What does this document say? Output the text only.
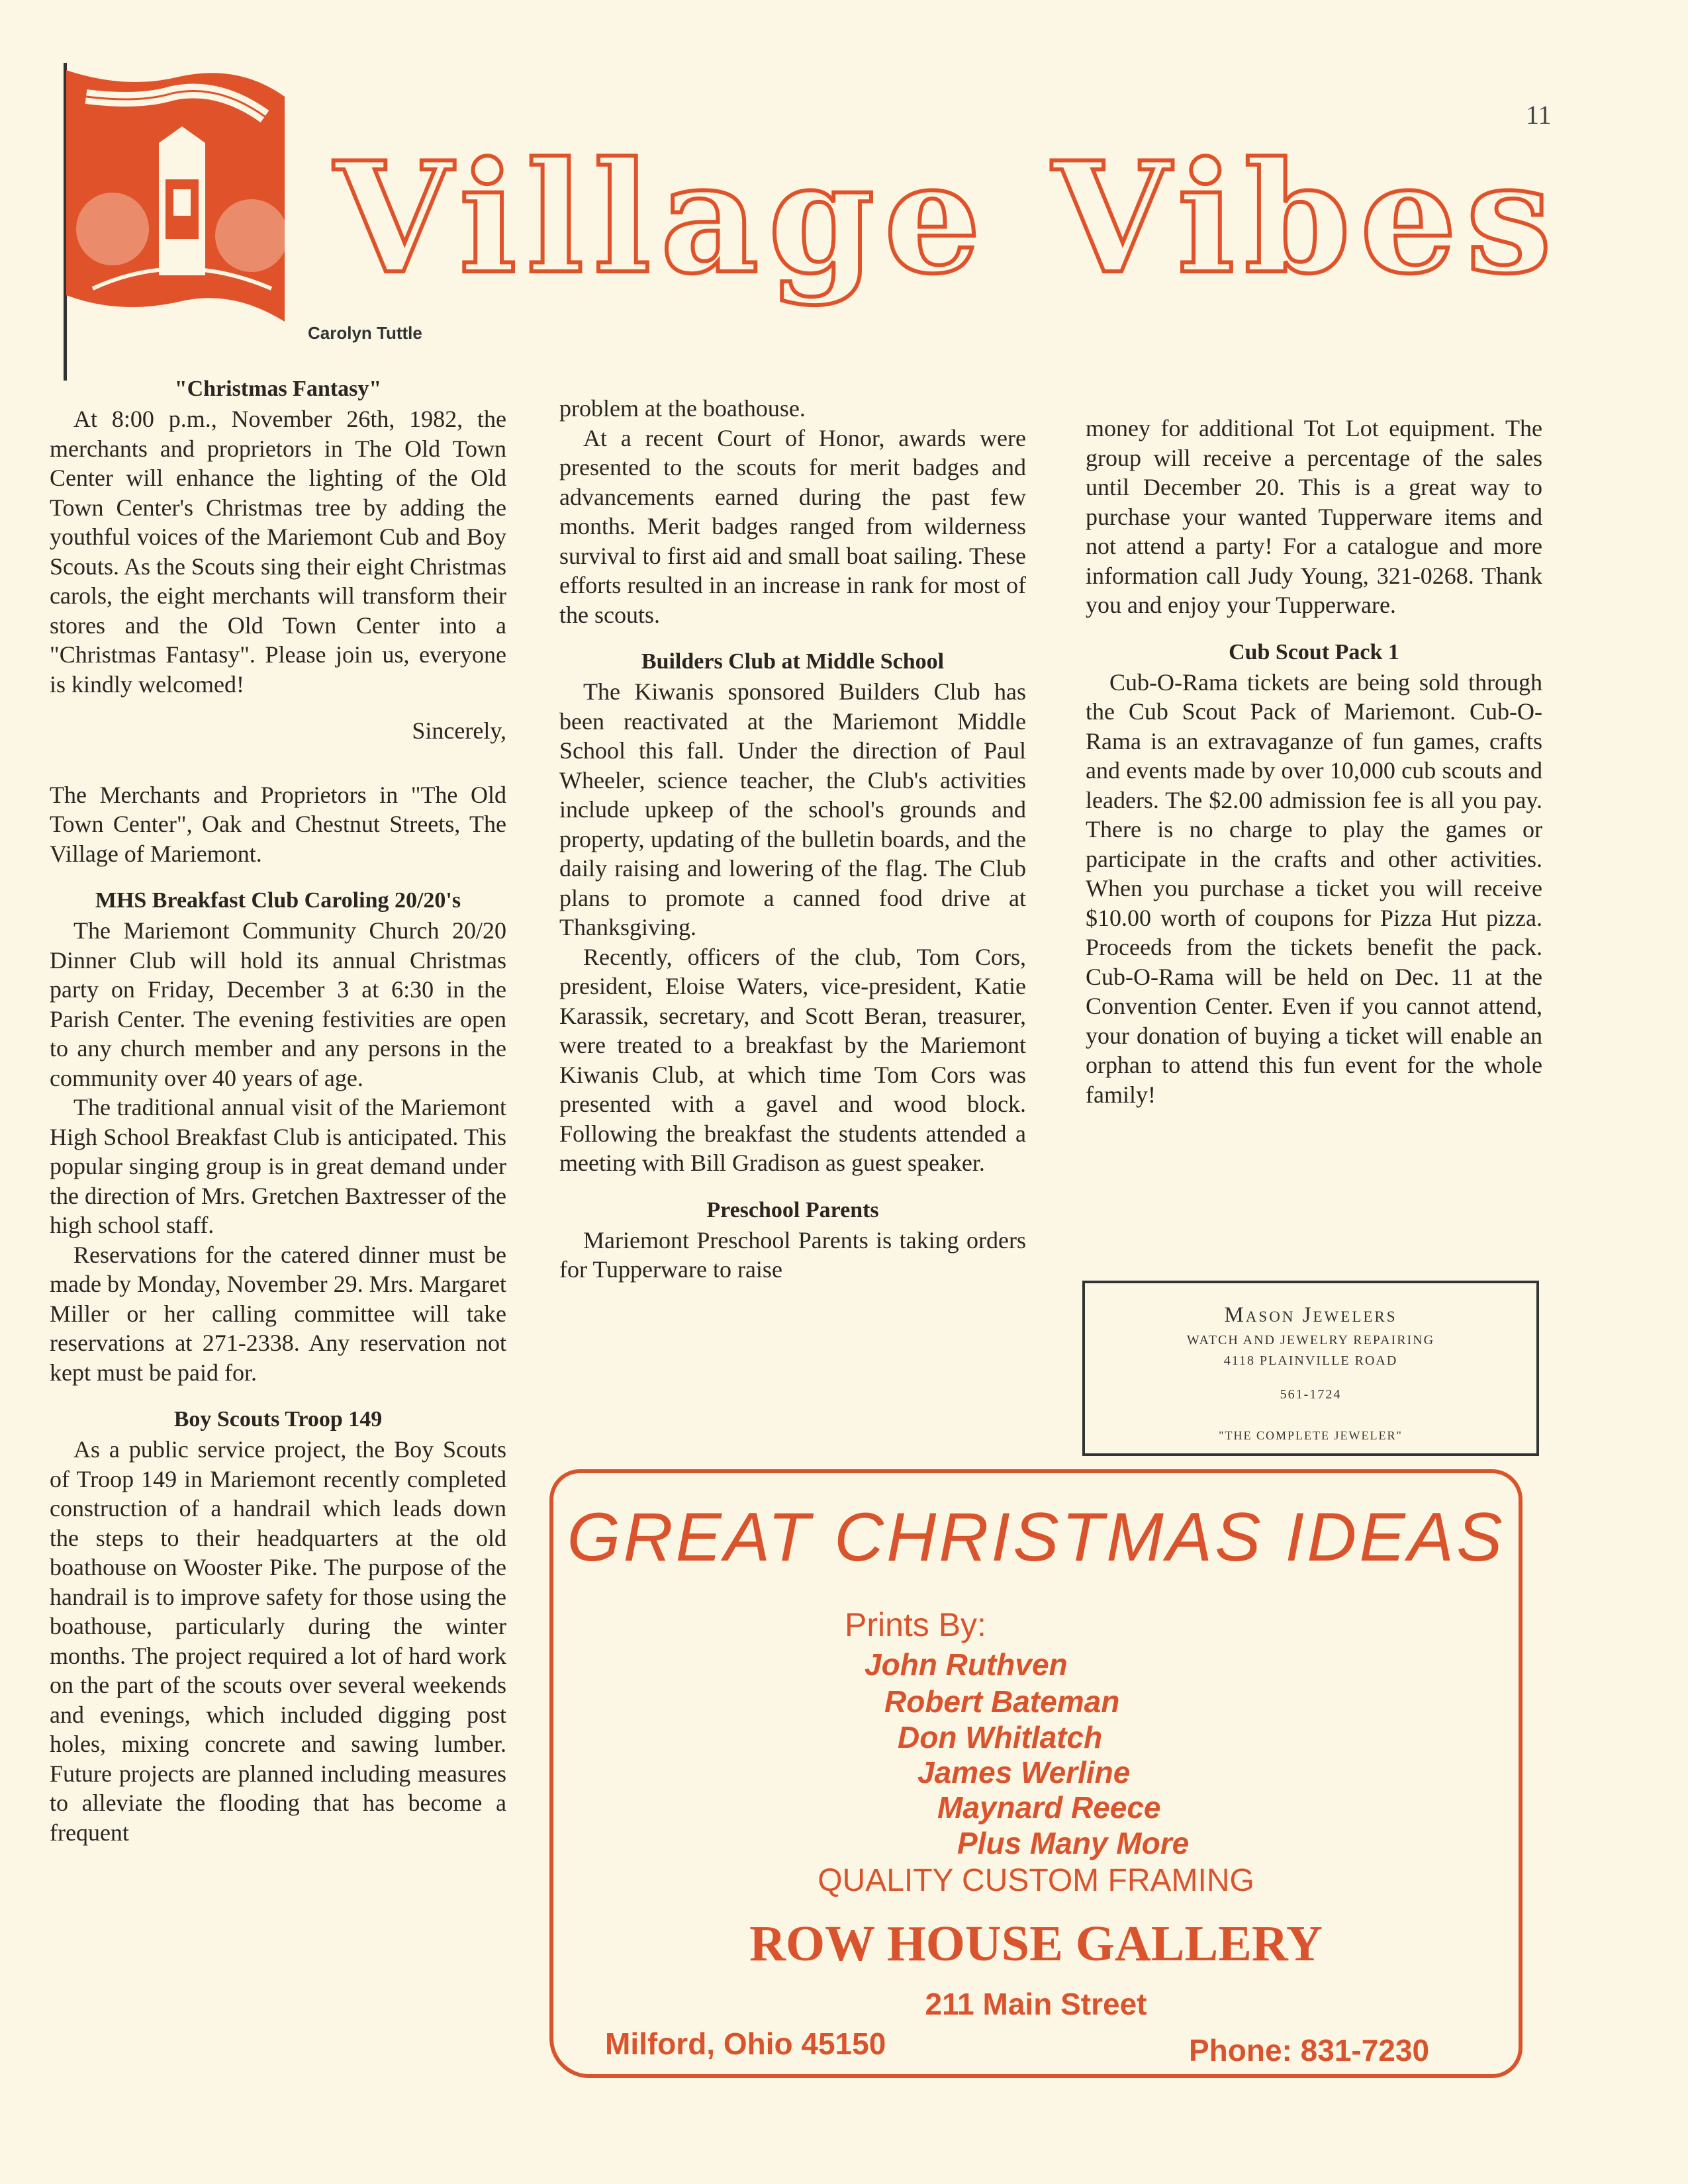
11
Village Vibes
Carolyn Tuttle
"Christmas Fantasy"

At 8:00 p.m., November 26th, 1982, the merchants and proprietors in The Old Town Center will enhance the lighting of the Old Town Center's Christmas tree by adding the youthful voices of the Mariemont Cub and Boy Scouts. As the Scouts sing their eight Christmas carols, the eight merchants will transform their stores and the Old Town Center into a "Christmas Fantasy". Please join us, everyone is kindly welcomed!

Sincerely,

The Merchants and Proprietors in "The Old Town Center", Oak and Chestnut Streets, The Village of Mariemont.

MHS Breakfast Club Caroling 20/20's

The Mariemont Community Church 20/20 Dinner Club will hold its annual Christmas party on Friday, December 3 at 6:30 in the Parish Center. The evening festivities are open to any church member and any persons in the community over 40 years of age.

The traditional annual visit of the Mariemont High School Breakfast Club is anticipated. This popular singing group is in great demand under the direction of Mrs. Gretchen Baxtresser of the high school staff.

Reservations for the catered dinner must be made by Monday, November 29. Mrs. Margaret Miller or her calling committee will take reservations at 271-2338. Any reservation not kept must be paid for.

Boy Scouts Troop 149

As a public service project, the Boy Scouts of Troop 149 in Mariemont recently completed construction of a handrail which leads down the steps to their headquarters at the old boathouse on Wooster Pike. The purpose of the handrail is to improve safety for those using the boathouse, particularly during the winter months. The project required a lot of hard work on the part of the scouts over several weekends and evenings, which included digging post holes, mixing concrete and sawing lumber. Future projects are planned including measures to alleviate the flooding that has become a frequent

problem at the boathouse.

At a recent Court of Honor, awards were presented to the scouts for merit badges and advancements earned during the past few months. Merit badges ranged from wilderness survival to first aid and small boat sailing. These efforts resulted in an increase in rank for most of the scouts.

Builders Club at Middle School

The Kiwanis sponsored Builders Club has been reactivated at the Mariemont Middle School this fall. Under the direction of Paul Wheeler, science teacher, the Club's activities include upkeep of the school's grounds and property, updating of the bulletin boards, and the daily raising and lowering of the flag. The Club plans to promote a canned food drive at Thanksgiving.

Recently, officers of the club, Tom Cors, president, Eloise Waters, vice-president, Katie Karassik, secretary, and Scott Beran, treasurer, were treated to a breakfast by the Mariemont Kiwanis Club, at which time Tom Cors was presented with a gavel and wood block. Following the breakfast the students attended a meeting with Bill Gradison as guest speaker.

Preschool Parents

Mariemont Preschool Parents is taking orders for Tupperware to raise

money for additional Tot Lot equipment. The group will receive a percentage of the sales until December 20. This is a great way to purchase your wanted Tupperware items and not attend a party! For a catalogue and more information call Judy Young, 321-0268. Thank you and enjoy your Tupperware.

Cub Scout Pack 1

Cub-O-Rama tickets are being sold through the Cub Scout Pack of Mariemont. Cub-O-Rama is an extravaganze of fun games, crafts and events made by over 10,000 cub scouts and leaders. The $2.00 admission fee is all you pay. There is no charge to play the games or participate in the crafts and other activities. When you purchase a ticket you will receive $10.00 worth of coupons for Pizza Hut pizza. Proceeds from the tickets benefit the pack. Cub-O-Rama will be held on Dec. 11 at the Convention Center. Even if you cannot attend, your donation of buying a ticket will enable an orphan to attend this fun event for the whole family!

Mason Jewelers
WATCH AND JEWELRY REPAIRING
4118 PLAINVILLE ROAD
561-1724
"THE COMPLETE JEWELER"
GREAT CHRISTMAS IDEAS
Prints By:
John Ruthven
Robert Bateman
Don Whitlatch
James Werline
Maynard Reece
Plus Many More
QUALITY CUSTOM FRAMING
ROW HOUSE GALLERY
211 Main Street
Milford, Ohio 45150	Phone: 831-7230
